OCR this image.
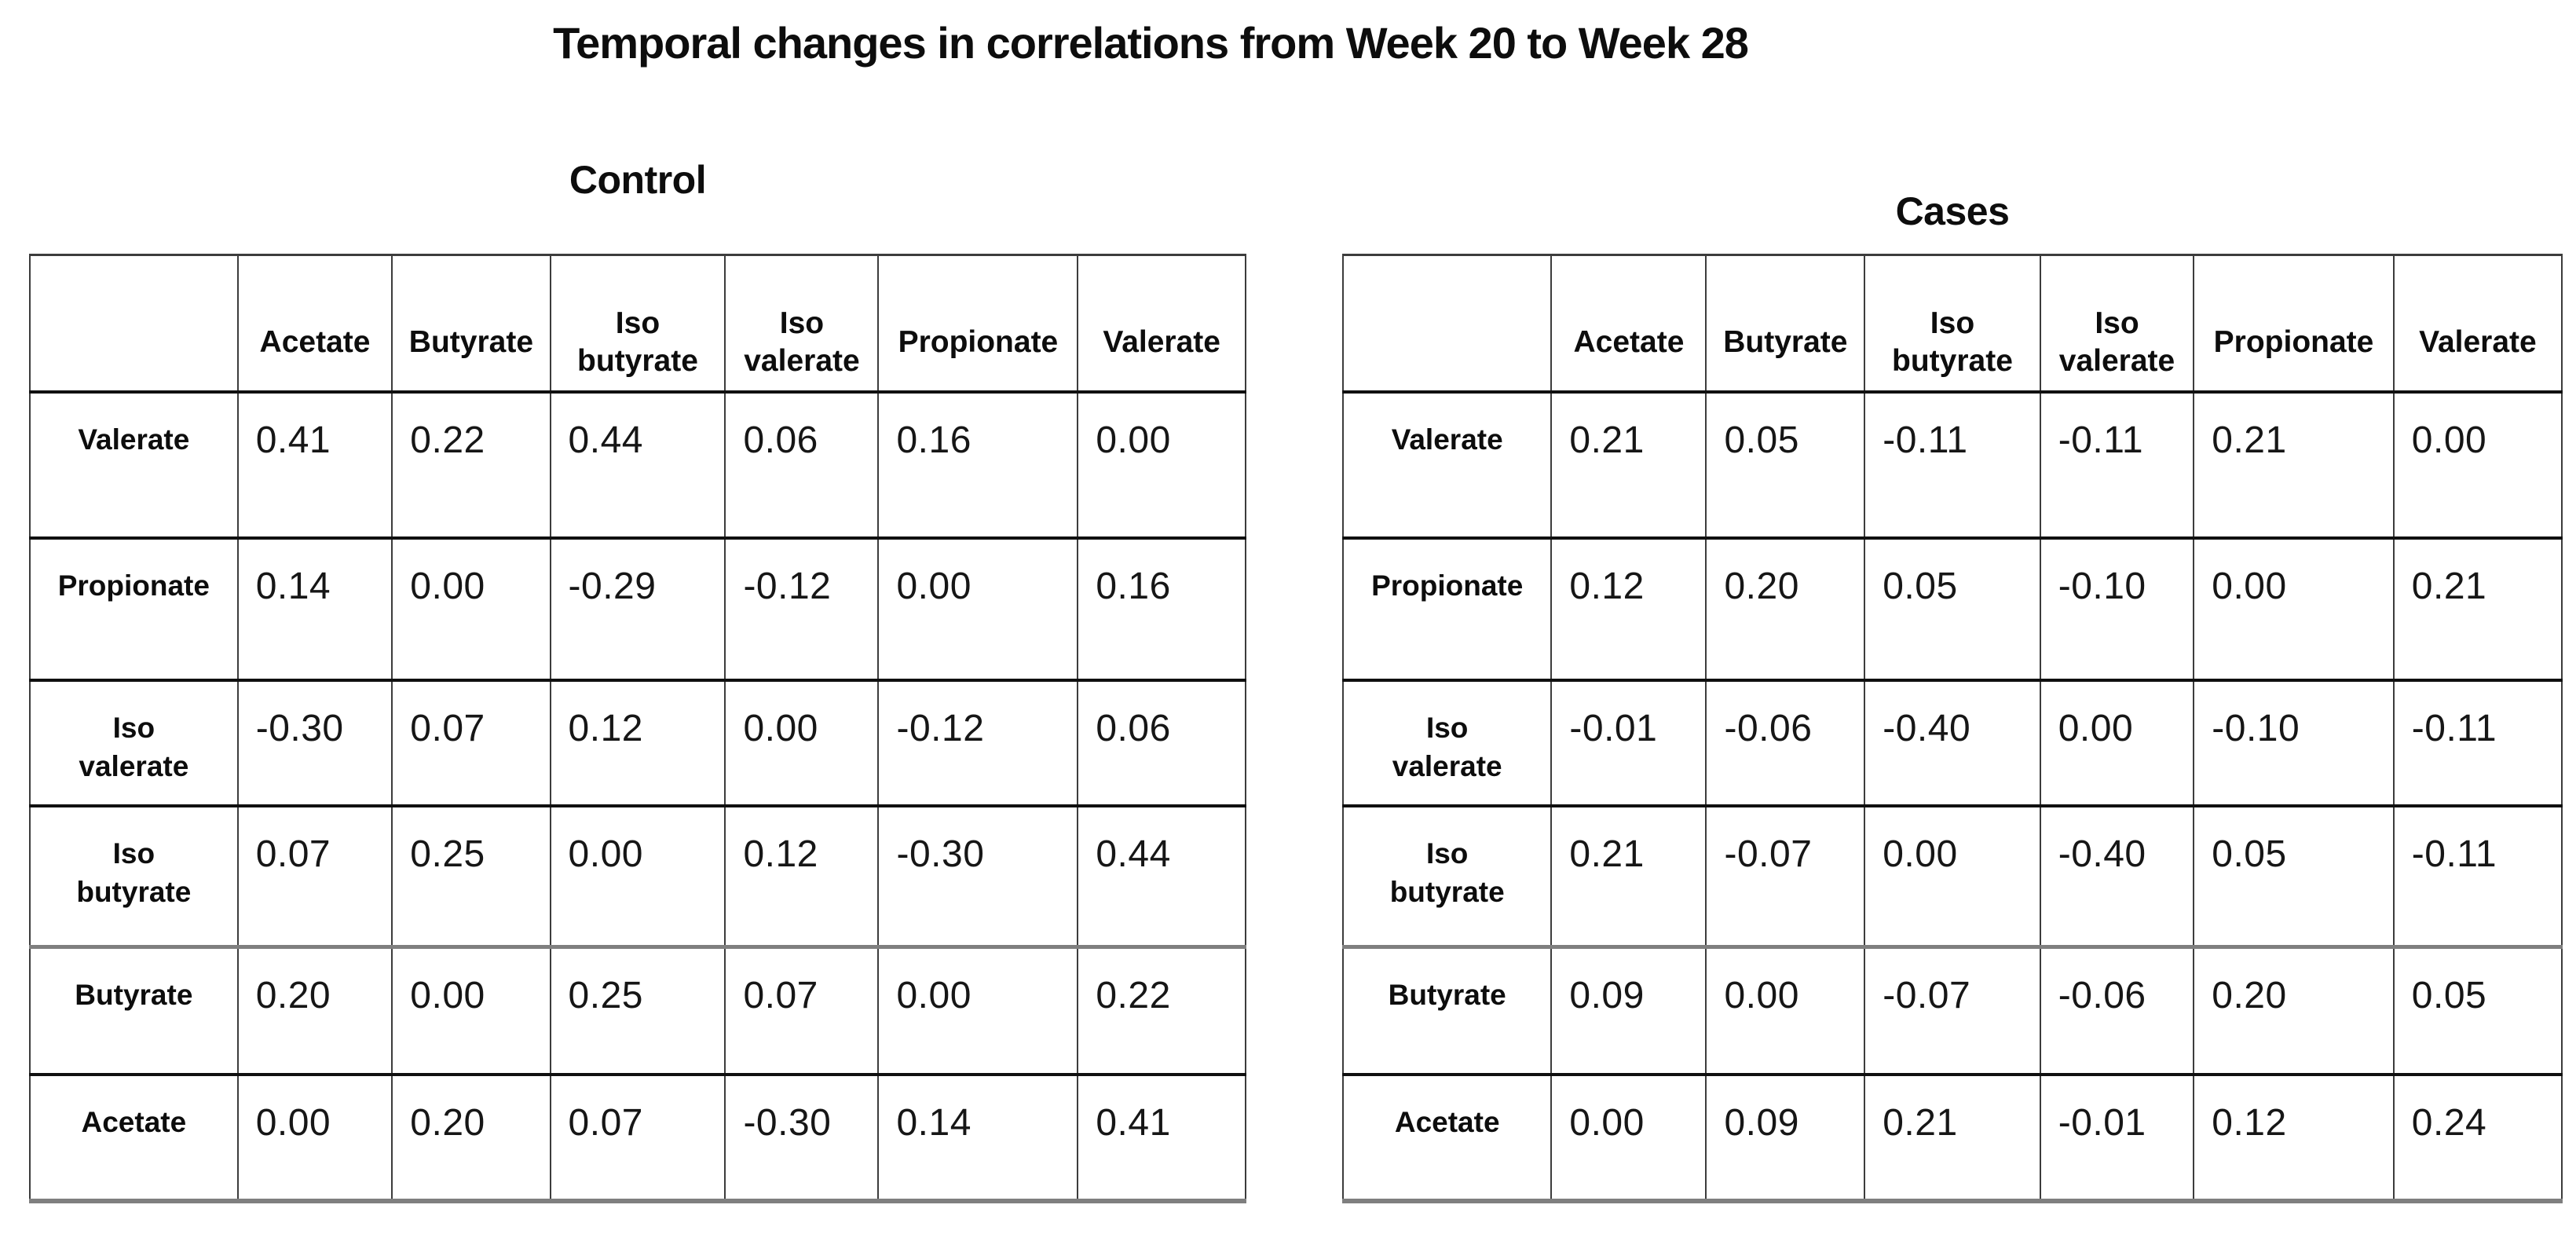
Temporal changes in correlations from Week 20 to Week 28
Control
Cases
	Acetate	Butyrate	Iso butyrate	Iso valerate	Propionate	Valerate
Valerate	0.41	0.22	0.44	0.06	0.16	0.00
Propionate	0.14	0.00	-0.29	-0.12	0.00	0.16
Iso valerate	-0.30	0.07	0.12	0.00	-0.12	0.06
Iso butyrate	0.07	0.25	0.00	0.12	-0.30	0.44
Butyrate	0.20	0.00	0.25	0.07	0.00	0.22
Acetate	0.00	0.20	0.07	-0.30	0.14	0.41
	Acetate	Butyrate	Iso butyrate	Iso valerate	Propionate	Valerate
Valerate	0.21	0.05	-0.11	-0.11	0.21	0.00
Propionate	0.12	0.20	0.05	-0.10	0.00	0.21
Iso valerate	-0.01	-0.06	-0.40	0.00	-0.10	-0.11
Iso butyrate	0.21	-0.07	0.00	-0.40	0.05	-0.11
Butyrate	0.09	0.00	-0.07	-0.06	0.20	0.05
Acetate	0.00	0.09	0.21	-0.01	0.12	0.24
